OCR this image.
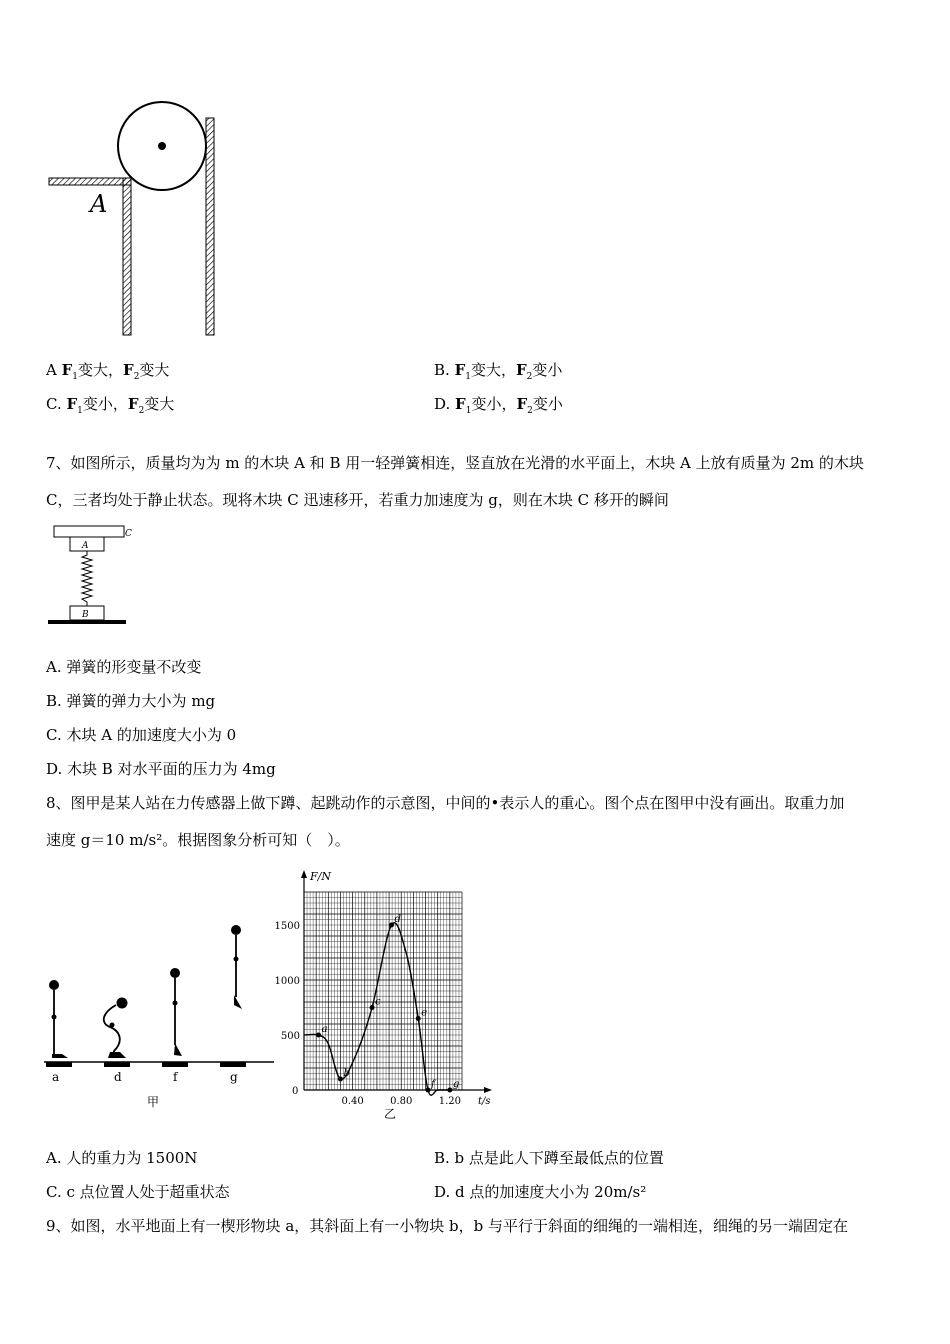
A
A $F_1$变大，$F_2$变大	B. $F_1$变大，$F_2$变小
C. $F_1$变小，$F_2$变大	D. $F_1$变小，$F_2$变小
7、如图所示，质量均为为 m 的木块 A 和 B 用一轻弹簧相连，竖直放在光滑的水平面上，木块 A 上放有质量为 2m 的木块
C，三者均处于静止状态。现将木块 C 迅速移开，若重力加速度为 g，则在木块 C 移开的瞬间
C
A
B
A. 弹簧的形变量不改变
B. 弹簧的弹力大小为 mg
C. 木块 A 的加速度大小为 0
D. 木块 B 对水平面的压力为 4mg
8、图甲是某人站在力传感器上做下蹲、起跳动作的示意图，中间的•表示人的重心。图个点在图甲中没有画出。取重力加
速度 g＝10 m/s²。根据图象分析可知（　）。
a	d	f	g
甲
F/N
t/s
0
500
1000
1500
0.40	0.80	1.20
a
b
c
d
e
f g
乙
A. 人的重力为 1500N	B. b 点是此人下蹲至最低点的位置
C. c 点位置人处于超重状态	D. d 点的加速度大小为 20m/s²
9、如图，水平地面上有一楔形物块 a，其斜面上有一小物块 b，b 与平行于斜面的细绳的一端相连，细绳的另一端固定在
